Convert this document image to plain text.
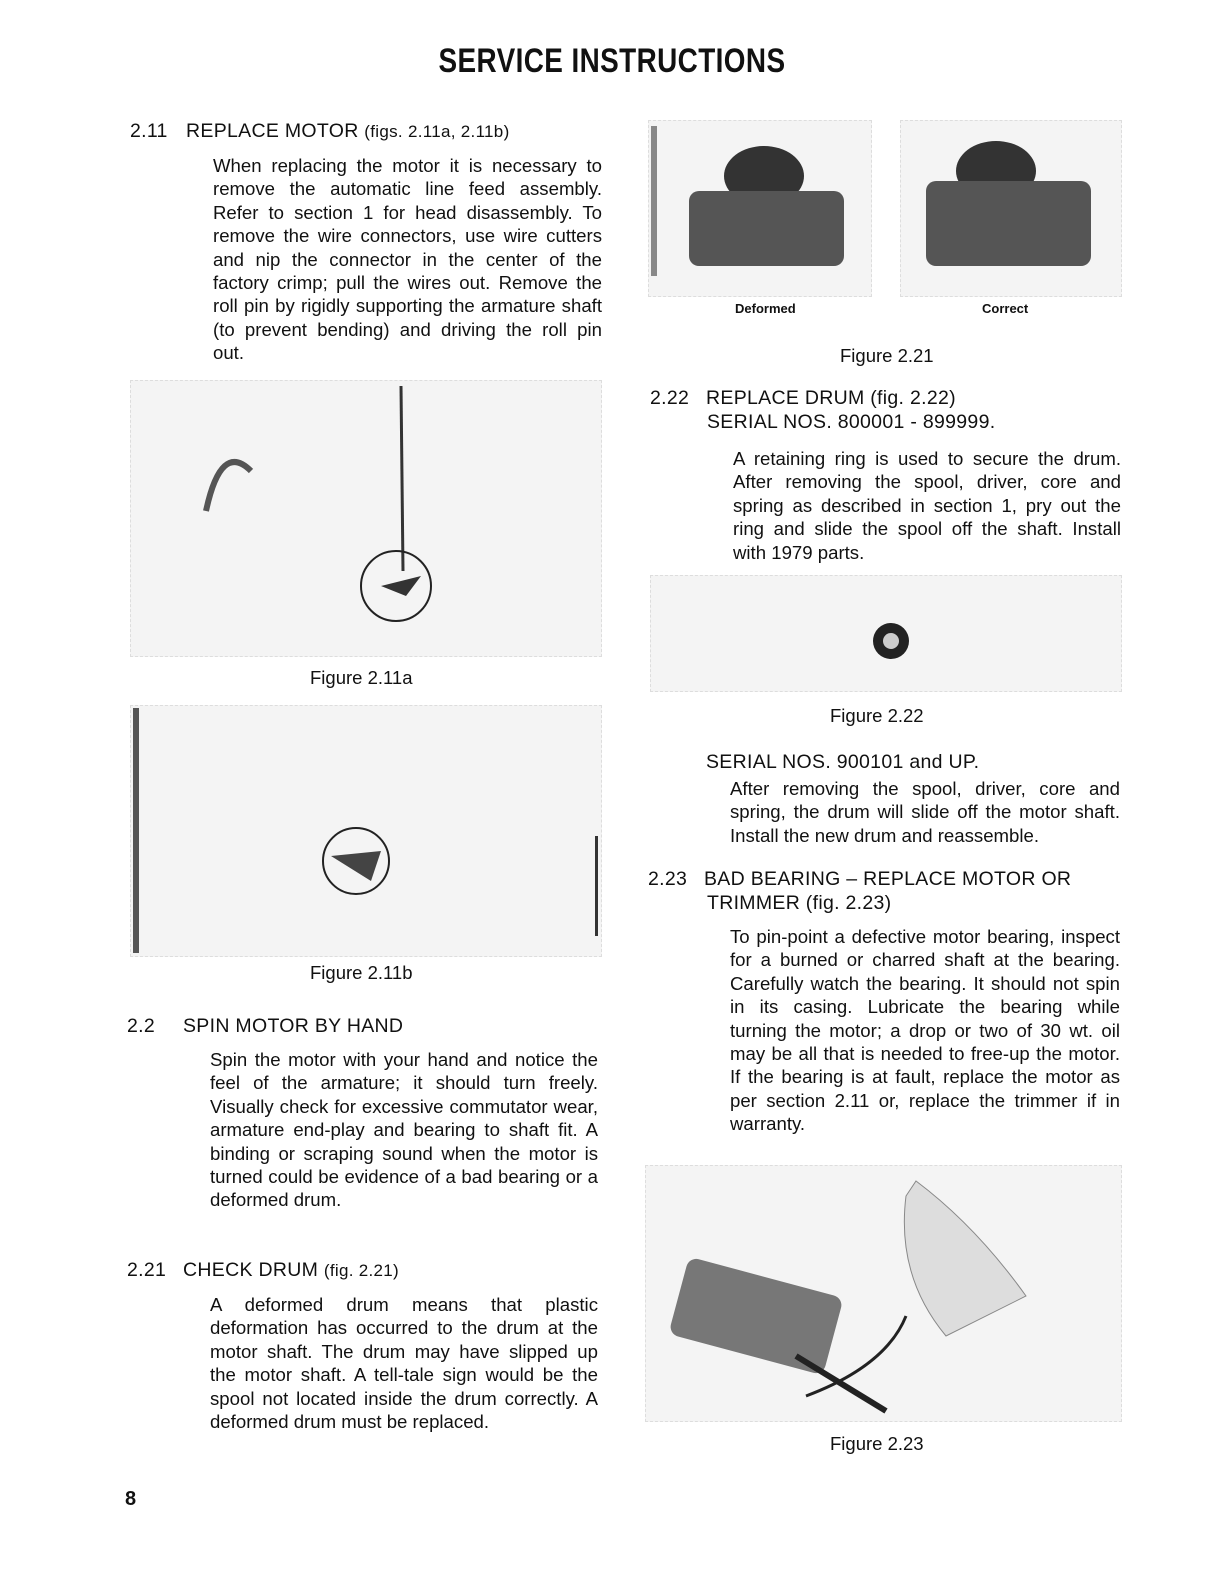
SERVICE INSTRUCTIONS
2.11 REPLACE MOTOR (figs. 2.11a, 2.11b)
When replacing the motor it is necessary to remove the automatic line feed assembly. Refer to section 1 for head disassembly. To remove the wire connectors, use wire cutters and nip the connector in the center of the factory crimp; pull the wires out. Remove the roll pin by rigidly supporting the armature shaft (to prevent bending) and driving the roll pin out.
Figure 2.11a
Figure 2.11b
2.2 SPIN MOTOR BY HAND
Spin the motor with your hand and notice the feel of the armature; it should turn freely. Visually check for excessive commutator wear, armature end-play and bearing to shaft fit. A binding or scraping sound when the motor is turned could be evidence of a bad bearing or a deformed drum.
2.21 CHECK DRUM (fig. 2.21)
A deformed drum means that plastic deformation has occurred to the drum at the motor shaft. The drum may have slipped up the motor shaft. A tell-tale sign would be the spool not located inside the drum correctly. A deformed drum must be replaced.
8
Deformed	Correct
Figure 2.21
2.22 REPLACE DRUM (fig. 2.22)
SERIAL NOS. 800001 - 899999.
A retaining ring is used to secure the drum. After removing the spool, driver, core and spring as described in section 1, pry out the ring and slide the spool off the shaft. Install with 1979 parts.
Figure 2.22
SERIAL NOS. 900101 and UP.
After removing the spool, driver, core and spring, the drum will slide off the motor shaft. Install the new drum and reassemble.
2.23 BAD BEARING – REPLACE MOTOR OR
TRIMMER (fig. 2.23)
To pin-point a defective motor bearing, inspect for a burned or charred shaft at the bearing. Carefully watch the bearing. It should not spin in its casing. Lubricate the bearing while turning the motor; a drop or two of 30 wt. oil may be all that is needed to free-up the motor. If the bearing is at fault, replace the motor as per section 2.11 or, replace the trimmer if in warranty.
Figure 2.23
